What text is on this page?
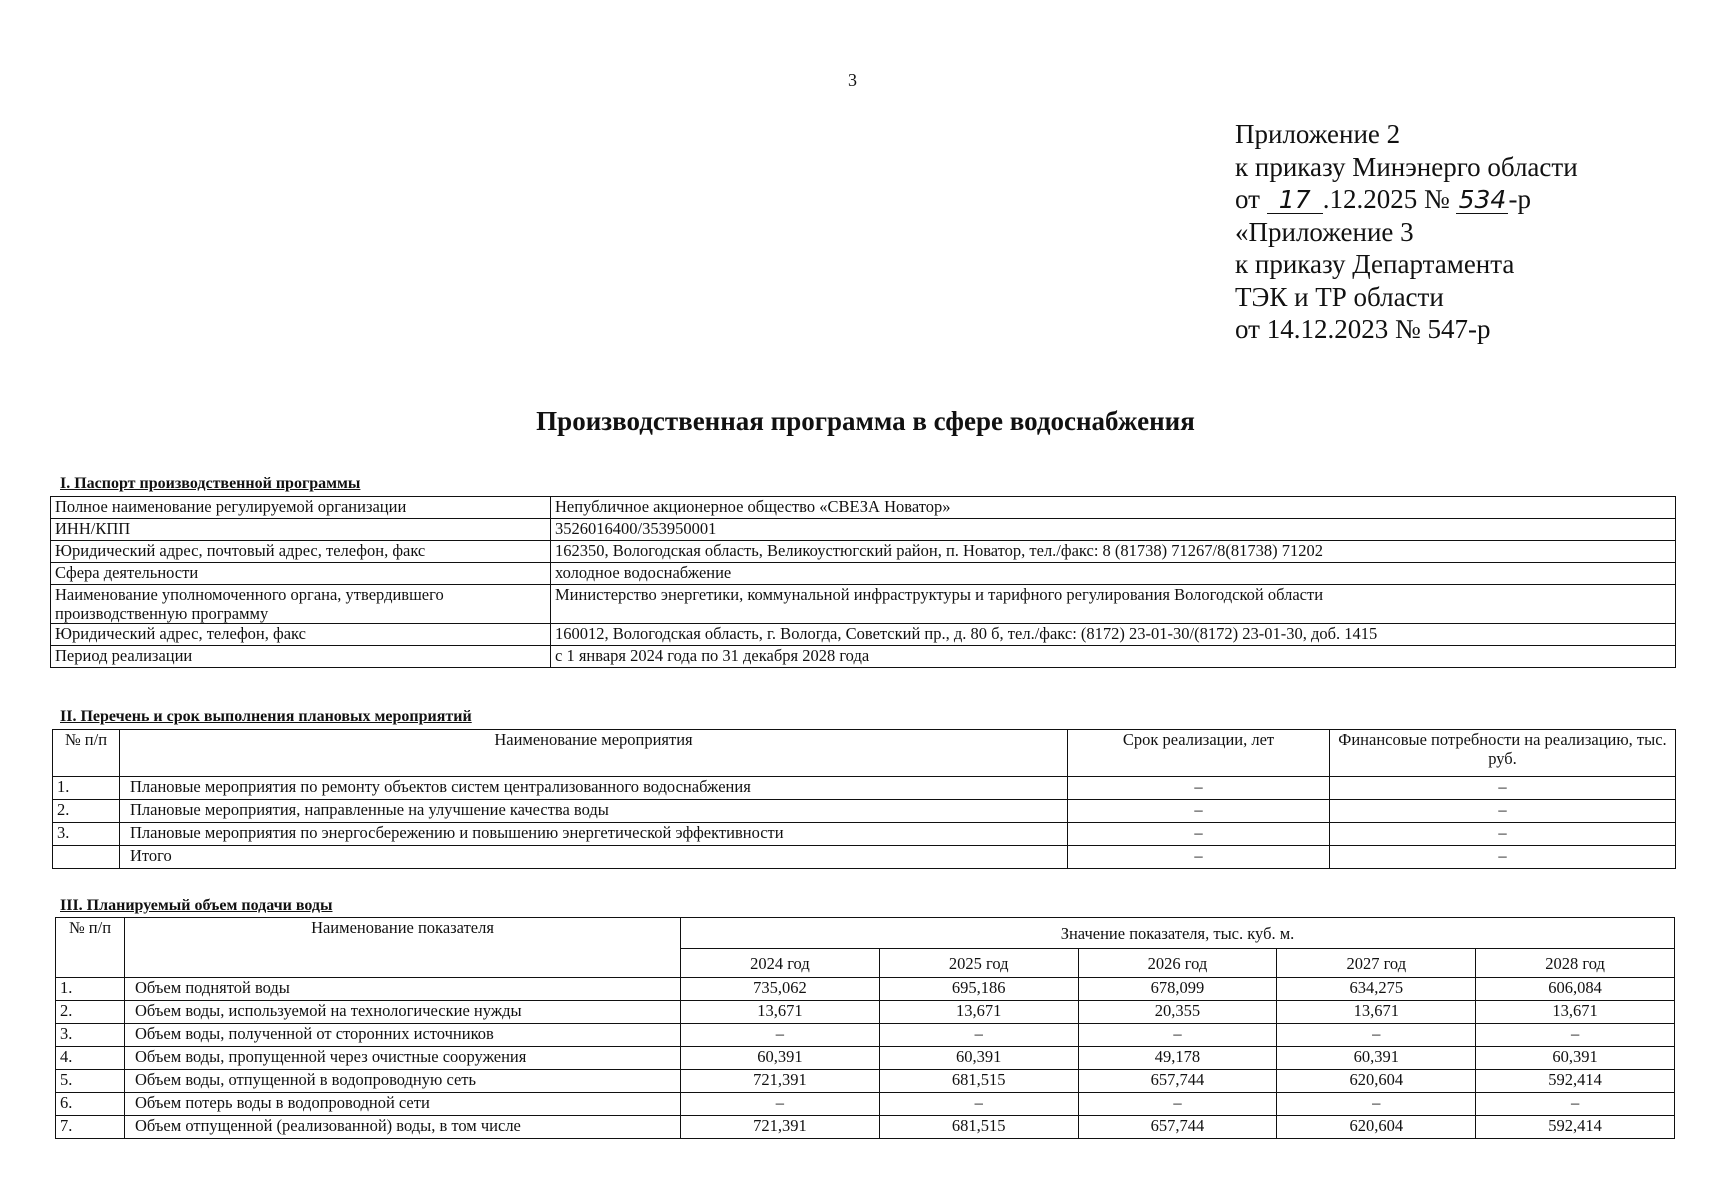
3
Приложение 2
к приказу Минэнерго области
от 17 .12.2025 № 534-р
«Приложение 3
к приказу Департамента
ТЭК и ТР области
от 14.12.2023 № 547-р
Производственная программа в сфере водоснабжения
I. Паспорт производственной программы
Полное наименование регулируемой организации	Непубличное акционерное общество «СВЕЗА Новатор»
ИНН/КПП	3526016400/353950001
Юридический адрес, почтовый адрес, телефон, факс	162350, Вологодская область, Великоустюгский район, п. Новатор, тел./факс: 8 (81738) 71267/8(81738) 71202
Сфера деятельности	холодное водоснабжение
Наименование уполномоченного органа, утвердившего производственную программу	Министерство энергетики, коммунальной инфраструктуры и тарифного регулирования Вологодской области
Юридический адрес, телефон, факс	160012, Вологодская область, г. Вологда, Советский пр., д. 80 б, тел./факс: (8172) 23-01-30/(8172) 23-01-30, доб. 1415
Период реализации	с 1 января 2024 года по 31 декабря 2028 года
II. Перечень и срок выполнения плановых мероприятий
№ п/п	Наименование мероприятия	Срок реализации, лет	Финансовые потребности на реализацию, тыс. руб.
1.	Плановые мероприятия по ремонту объектов систем централизованного водоснабжения	–	–
2.	Плановые мероприятия, направленные на улучшение качества воды	–	–
3.	Плановые мероприятия по энергосбережению и повышению энергетической эффективности	–	–
	Итого	–	–
III. Планируемый объем подачи воды
№ п/п	Наименование показателя	Значение показателя, тыс. куб. м.				
		2024 год	2025 год	2026 год	2027 год	2028 год
1.	Объем поднятой воды	735,062	695,186	678,099	634,275	606,084
2.	Объем воды, используемой на технологические нужды	13,671	13,671	20,355	13,671	13,671
3.	Объем воды, полученной от сторонних источников	–	–	–	–	–
4.	Объем воды, пропущенной через очистные сооружения	60,391	60,391	49,178	60,391	60,391
5.	Объем воды, отпущенной в водопроводную сеть	721,391	681,515	657,744	620,604	592,414
6.	Объем потерь воды в водопроводной сети	–	–	–	–	–
7.	Объем отпущенной (реализованной) воды, в том числе	721,391	681,515	657,744	620,604	592,414
